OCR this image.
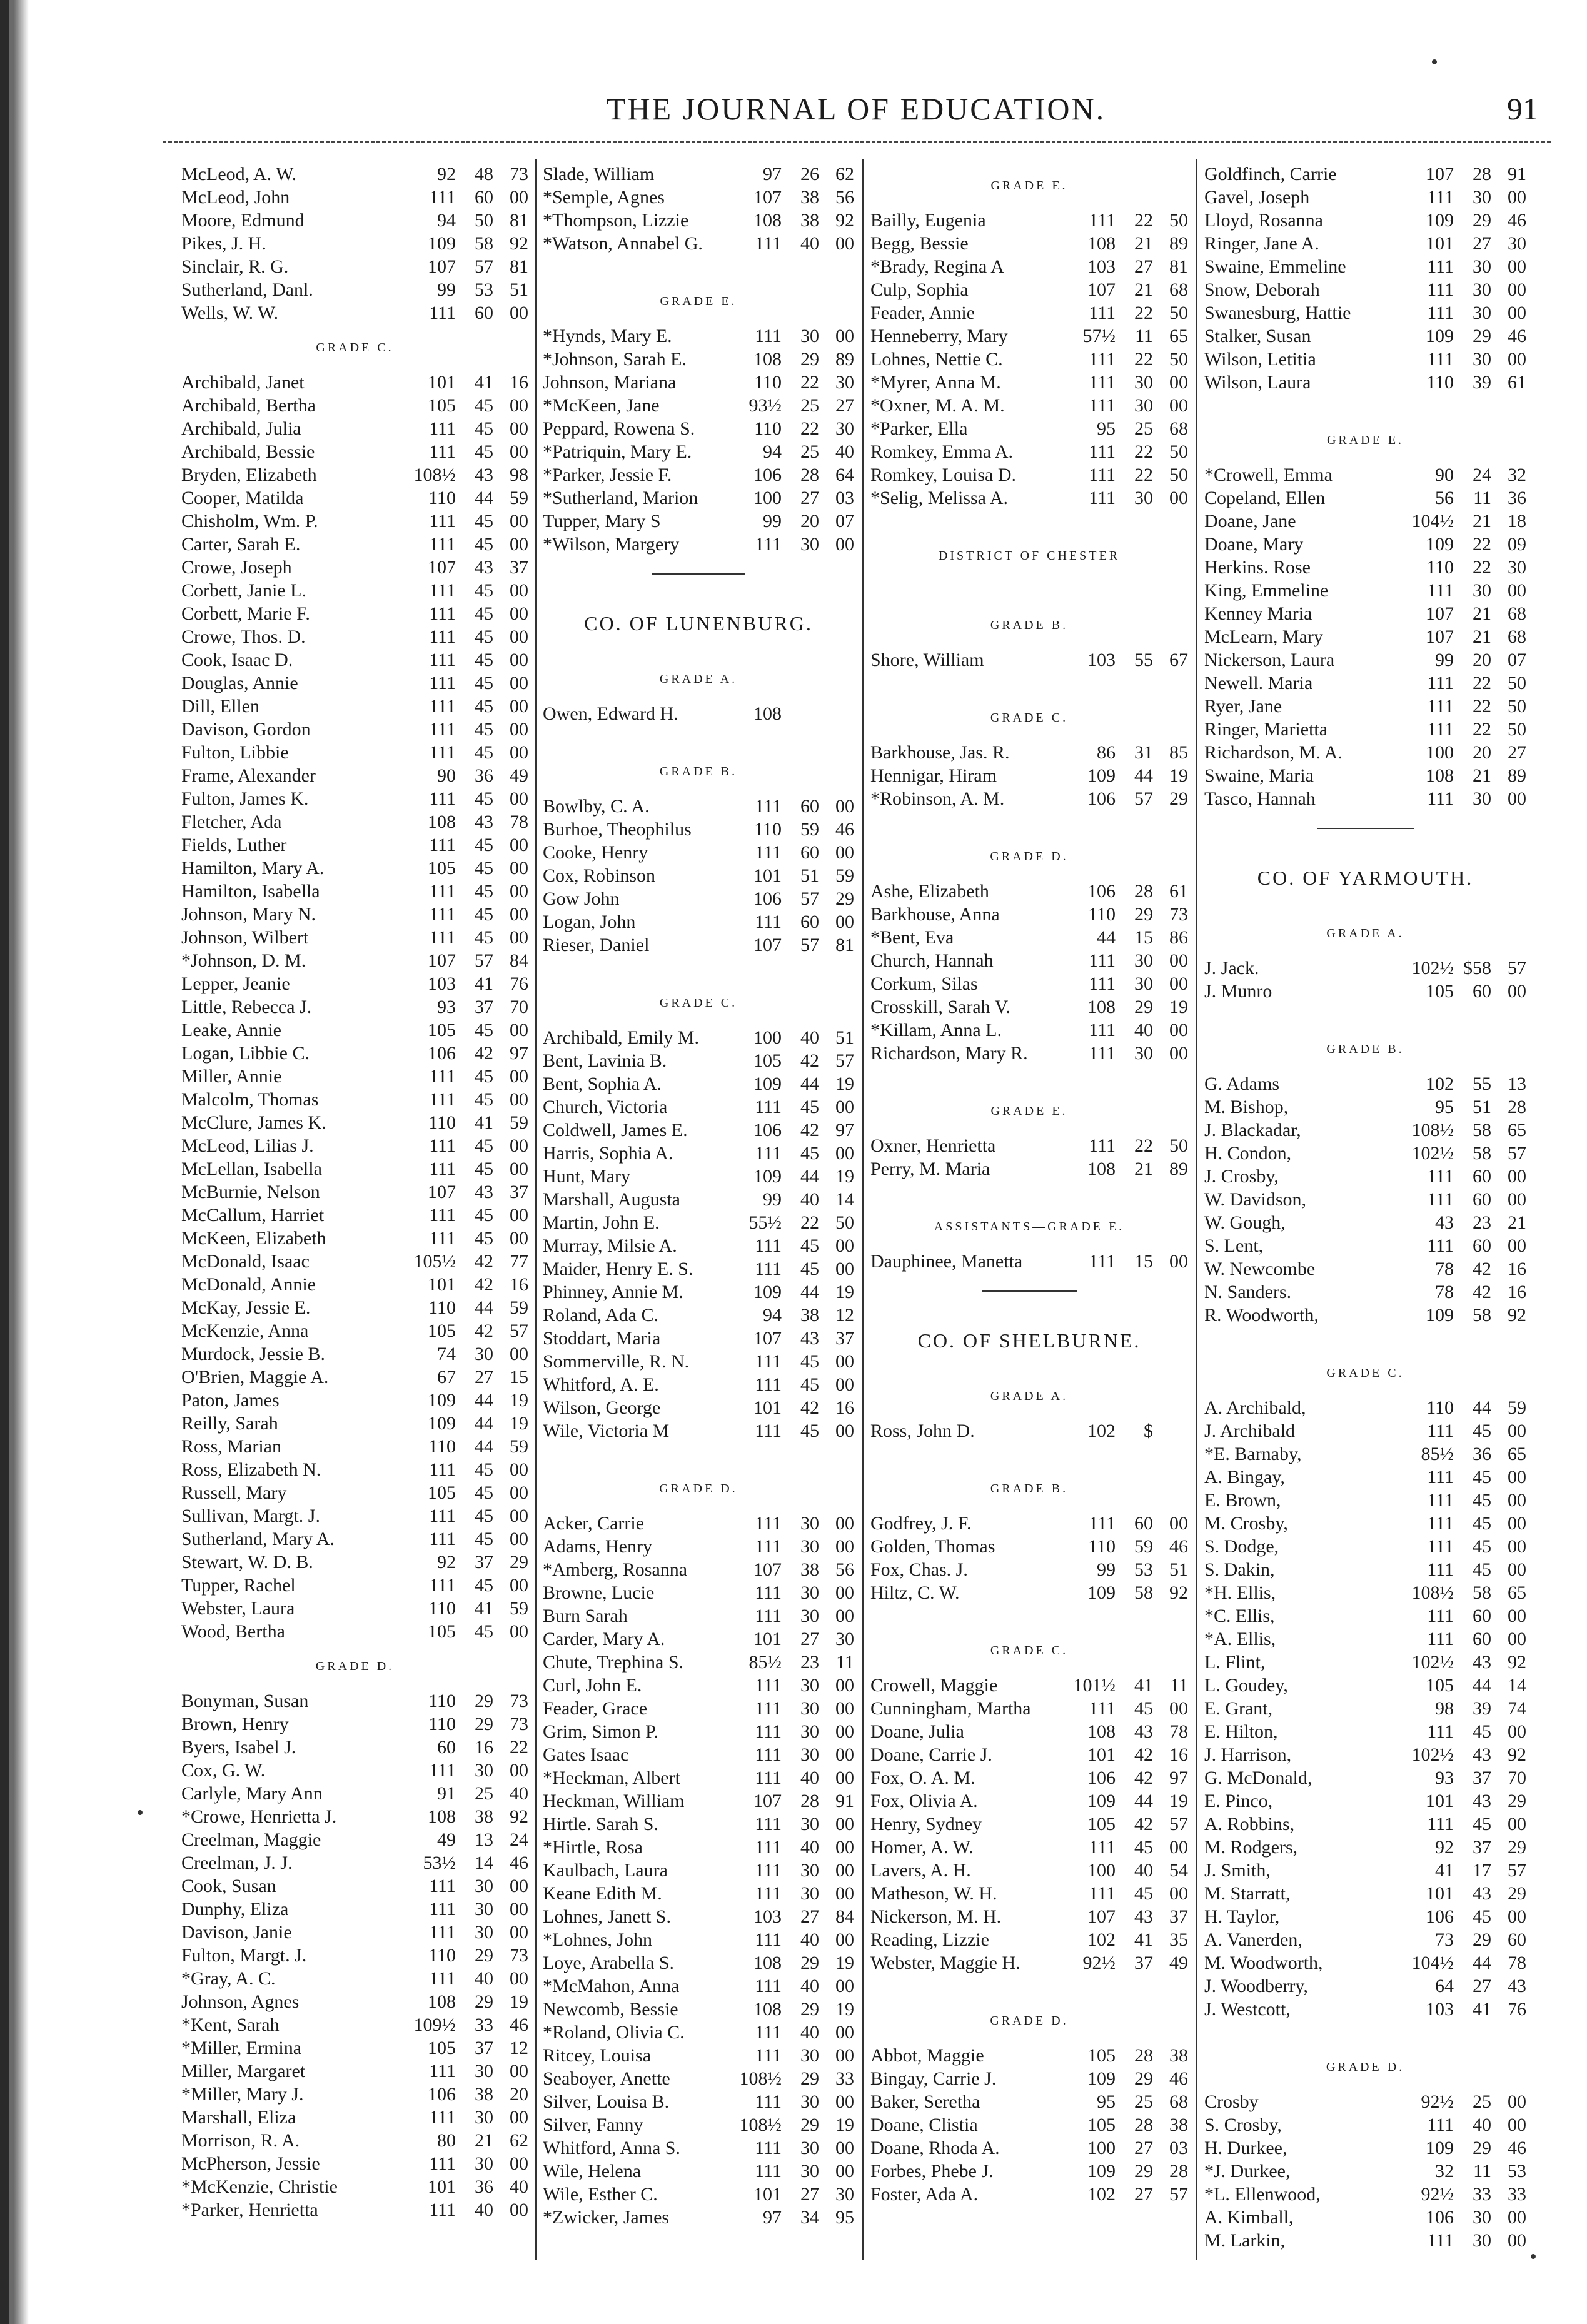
THE JOURNAL OF EDUCATION.	91
McLeod, A. W.	92	48 73
McLeod, John	111	60 00
Moore, Edmund	94	50 81
Pikes, J. H.	109	58 92
Sinclair, R. G.	107	57 81
Sutherland, Danl.	99	53 51
Wells, W. W.	111	60 00
GRADE C.
Archibald, Janet	101	41 16
Archibald, Bertha	105	45 00
Archibald, Julia	111	45 00
Archibald, Bessie	111	45 00
Bryden, Elizabeth	108½	43 98
Cooper, Matilda	110	44 59
Chisholm, Wm. P.	111	45 00
Carter, Sarah E.	111	45 00
Crowe, Joseph	107	43 37
Corbett, Janie L.	111	45 00
Corbett, Marie F.	111	45 00
Crowe, Thos. D.	111	45 00
Cook, Isaac D.	111	45 00
Douglas, Annie	111	45 00
Dill, Ellen	111	45 00
Davison, Gordon	111	45 00
Fulton, Libbie	111	45 00
Frame, Alexander	90	36 49
Fulton, James K.	111	45 00
Fletcher, Ada	108	43 78
Fields, Luther	111	45 00
Hamilton, Mary A.	105	45 00
Hamilton, Isabella	111	45 00
Johnson, Mary N.	111	45 00
Johnson, Wilbert	111	45 00
*Johnson, D. M.	107	57 84
Lepper, Jeanie	103	41 76
Little, Rebecca J.	93	37 70
Leake, Annie	105	45 00
Logan, Libbie C.	106	42 97
Miller, Annie	111	45 00
Malcolm, Thomas	111	45 00
McClure, James K.	110	41 59
McLeod, Lilias J.	111	45 00
McLellan, Isabella	111	45 00
McBurnie, Nelson	107	43 37
McCallum, Harriet	111	45 00
McKeen, Elizabeth	111	45 00
McDonald, Isaac	105½	42 77
McDonald, Annie	101	42 16
McKay, Jessie E.	110	44 59
McKenzie, Anna	105	42 57
Murdock, Jessie B.	74	30 00
O'Brien, Maggie A.	67	27 15
Paton, James	109	44 19
Reilly, Sarah	109	44 19
Ross, Marian	110	44 59
Ross, Elizabeth N.	111	45 00
Russell, Mary	105	45 00
Sullivan, Margt. J.	111	45 00
Sutherland, Mary A.	111	45 00
Stewart, W. D. B.	92	37 29
Tupper, Rachel	111	45 00
Webster, Laura	110	41 59
Wood, Bertha	105	45 00
GRADE D.
Bonyman, Susan	110	29 73
Brown, Henry	110	29 73
Byers, Isabel J.	60	16 22
Cox, G. W.	111	30 00
Carlyle, Mary Ann	91	25 40
*Crowe, Henrietta J.	108	38 92
Creelman, Maggie	49	13 24
Creelman, J. J.	53½	14 46
Cook, Susan	111	30 00
Dunphy, Eliza	111	30 00
Davison, Janie	111	30 00
Fulton, Margt. J.	110	29 73
*Gray, A. C.	111	40 00
Johnson, Agnes	108	29 19
*Kent, Sarah	109½	33 46
*Miller, Ermina	105	37 12
Miller, Margaret	111	30 00
*Miller, Mary J.	106	38 20
Marshall, Eliza	111	30 00
Morrison, R. A.	80	21 62
McPherson, Jessie	111	30 00
*McKenzie, Christie	101	36 40
*Parker, Henrietta	111	40 00
Slade, William	97	26 62
*Semple, Agnes	107	38 56
*Thompson, Lizzie	108	38 92
*Watson, Annabel G.	111	40 00
GRADE E.
*Hynds, Mary E.	111	30 00
*Johnson, Sarah E.	108	29 89
Johnson, Mariana	110	22 30
*McKeen, Jane	93½	25 27
Peppard, Rowena S.	110	22 30
*Patriquin, Mary E.	94	25 40
*Parker, Jessie F.	106	28 64
*Sutherland, Marion	100	27 03
Tupper, Mary S	99	20 07
*Wilson, Margery	111	30 00
CO. OF LUNENBURG.
GRADE A.
Owen, Edward H.	108
GRADE B.
Bowlby, C. A.	111	60 00
Burhoe, Theophilus	110	59 46
Cooke, Henry	111	60 00
Cox, Robinson	101	51 59
Gow John	106	57 29
Logan, John	111	60 00
Rieser, Daniel	107	57 81
GRADE C.
Archibald, Emily M.	100	40 51
Bent, Lavinia B.	105	42 57
Bent, Sophia A.	109	44 19
Church, Victoria	111	45 00
Coldwell, James E.	106	42 97
Harris, Sophia A.	111	45 00
Hunt, Mary	109	44 19
Marshall, Augusta	99	40 14
Martin, John E.	55½	22 50
Murray, Milsie A.	111	45 00
Maider, Henry E. S.	111	45 00
Phinney, Annie M.	109	44 19
Roland, Ada C.	94	38 12
Stoddart, Maria	107	43 37
Sommerville, R. N.	111	45 00
Whitford, A. E.	111	45 00
Wilson, George	101	42 16
Wile, Victoria M	111	45 00
GRADE D.
Acker, Carrie	111	30 00
Adams, Henry	111	30 00
*Amberg, Rosanna	107	38 56
Browne, Lucie	111	30 00
Burn Sarah	111	30 00
Carder, Mary A.	101	27 30
Chute, Trephina S.	85½	23 11
Curl, John E.	111	30 00
Feader, Grace	111	30 00
Grim, Simon P.	111	30 00
Gates Isaac	111	30 00
*Heckman, Albert	111	40 00
Heckman, William	107	28 91
Hirtle. Sarah S.	111	30 00
*Hirtle, Rosa	111	40 00
Kaulbach, Laura	111	30 00
Keane Edith M.	111	30 00
Lohnes, Janett S.	103	27 84
*Lohnes, John	111	40 00
Loye, Arabella S.	108	29 19
*McMahon, Anna	111	40 00
Newcomb, Bessie	108	29 19
*Roland, Olivia C.	111	40 00
Ritcey, Louisa	111	30 00
Seaboyer, Anette	108½	29 33
Silver, Louisa B.	111	30 00
Silver, Fanny	108½	29 19
Whitford, Anna S.	111	30 00
Wile, Helena	111	30 00
Wile, Esther C.	101	27 30
*Zwicker, James	97	34 95
GRADE E.
Bailly, Eugenia	111	22 50
Begg, Bessie	108	21 89
*Brady, Regina A	103	27 81
Culp, Sophia	107	21 68
Feader, Annie	111	22 50
Henneberry, Mary	57½	11 65
Lohnes, Nettie C.	111	22 50
*Myrer, Anna M.	111	30 00
*Oxner, M. A. M.	111	30 00
*Parker, Ella	95	25 68
Romkey, Emma A.	111	22 50
Romkey, Louisa D.	111	22 50
*Selig, Melissa A.	111	30 00
DISTRICT OF CHESTER
GRADE B.
Shore, William	103	55 67
GRADE C.
Barkhouse, Jas. R.	86	31 85
Hennigar, Hiram	109	44 19
*Robinson, A. M.	106	57 29
GRADE D.
Ashe, Elizabeth	106	28 61
Barkhouse, Anna	110	29 73
*Bent, Eva	44	15 86
Church, Hannah	111	30 00
Corkum, Silas	111	30 00
Crosskill, Sarah V.	108	29 19
*Killam, Anna L.	111	40 00
Richardson, Mary R.	111	30 00
GRADE E.
Oxner, Henrietta	111	22 50
Perry, M. Maria	108	21 89
ASSISTANTS—GRADE E.
Dauphinee, Manetta	111	15 00
CO. OF SHELBURNE.
GRADE A.
Ross, John D.	102	$
GRADE B.
Godfrey, J. F.	111	60 00
Golden, Thomas	110	59 46
Fox, Chas. J.	99	53 51
Hiltz, C. W.	109	58 92
GRADE C.
Crowell, Maggie	101½	41 11
Cunningham, Martha	111	45 00
Doane, Julia	108	43 78
Doane, Carrie J.	101	42 16
Fox, O. A. M.	106	42 97
Fox, Olivia A.	109	44 19
Henry, Sydney	105	42 57
Homer, A. W.	111	45 00
Lavers, A. H.	100	40 54
Matheson, W. H.	111	45 00
Nickerson, M. H.	107	43 37
Reading, Lizzie	102	41 35
Webster, Maggie H.	92½	37 49
GRADE D.
Abbot, Maggie	105	28 38
Bingay, Carrie J.	109	29 46
Baker, Seretha	95	25 68
Doane, Clistia	105	28 38
Doane, Rhoda A.	100	27 03
Forbes, Phebe J.	109	29 28
Foster, Ada A.	102	27 57
Goldfinch, Carrie	107	28 91
Gavel, Joseph	111	30 00
Lloyd, Rosanna	109	29 46
Ringer, Jane A.	101	27 30
Swaine, Emmeline	111	30 00
Snow, Deborah	111	30 00
Swanesburg, Hattie	111	30 00
Stalker, Susan	109	29 46
Wilson, Letitia	111	30 00
Wilson, Laura	110	39 61
GRADE E.
*Crowell, Emma	90	24 32
Copeland, Ellen	56	11 36
Doane, Jane	104½	21 18
Doane, Mary	109	22 09
Herkins. Rose	110	22 30
King, Emmeline	111	30 00
Kenney Maria	107	21 68
McLearn, Mary	107	21 68
Nickerson, Laura	99	20 07
Newell. Maria	111	22 50
Ryer, Jane	111	22 50
Ringer, Marietta	111	22 50
Richardson, M. A.	100	20 27
Swaine, Maria	108	21 89
Tasco, Hannah	111	30 00
CO. OF YARMOUTH.
GRADE A.
J. Jack.	102½ $58 57
J. Munro	105	60 00
GRADE B.
G. Adams	102	55 13
M. Bishop,	95	51 28
J. Blackadar,	108½	58 65
H. Condon,	102½	58 57
J. Crosby,	111	60 00
W. Davidson,	111	60 00
W. Gough,	43	23 21
S. Lent,	111	60 00
W. Newcombe	78	42 16
N. Sanders.	78	42 16
R. Woodworth,	109	58 92
GRADE C.
A. Archibald,	110	44 59
J. Archibald	111	45 00
*E. Barnaby,	85½	36 65
A. Bingay,	111	45 00
E. Brown,	111	45 00
M. Crosby,	111	45 00
S. Dodge,	111	45 00
S. Dakin,	111	45 00
*H. Ellis,	108½	58 65
*C. Ellis,	111	60 00
*A. Ellis,	111	60 00
L. Flint,	102½	43 92
L. Goudey,	105	44 14
E. Grant,	98	39 74
E. Hilton,	111	45 00
J. Harrison,	102½	43 92
G. McDonald,	93	37 70
E. Pinco,	101	43 29
A. Robbins,	111	45 00
M. Rodgers,	92	37 29
J. Smith,	41	17 57
M. Starratt,	101	43 29
H. Taylor,	106	45 00
A. Vanerden,	73	29 60
M. Woodworth,	104½	44 78
J. Woodberry,	64	27 43
J. Westcott,	103	41 76
GRADE D.
Crosby	92½	25 00
S. Crosby,	111	40 00
H. Durkee,	109	29 46
*J. Durkee,	32	11 53
*L. Ellenwood,	92½	33 33
A. Kimball,	106	30 00
M. Larkin,	111	30 00
